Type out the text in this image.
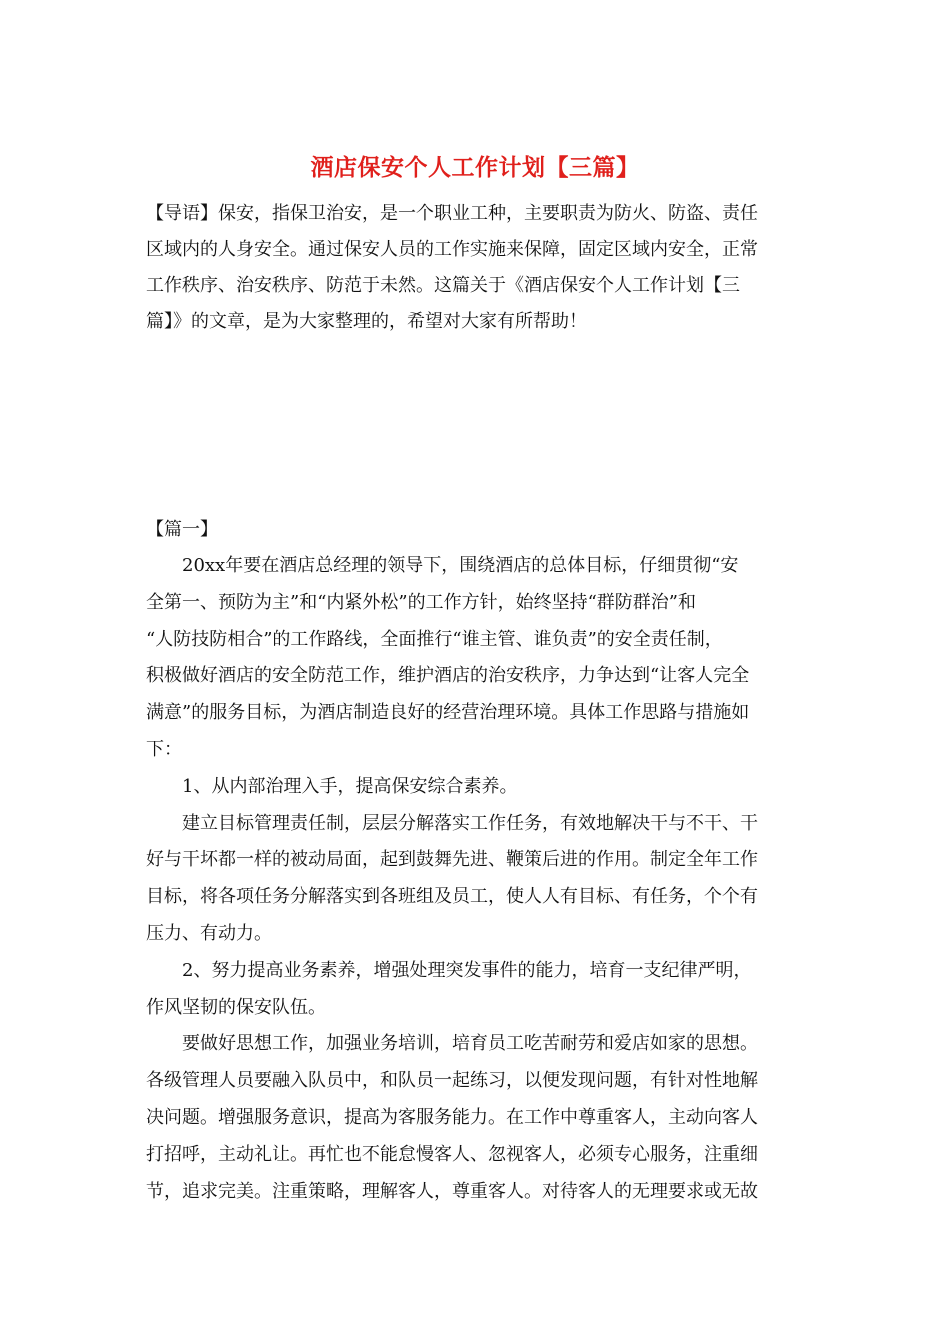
酒店保安个人工作计划【三篇】
【导语】保安，指保卫治安，是一个职业工种，主要职责为防火、防盗、责任
区域内的人身安全。通过保安人员的工作实施来保障，固定区域内安全，正常
工作秩序、治安秩序、防范于未然。这篇关于《酒店保安个人工作计划【三
篇】》的文章，是为大家整理的，希望对大家有所帮助！
【篇一】

20xx年要在酒店总经理的领导下，围绕酒店的总体目标，仔细贯彻“安
全第一、预防为主”和“内紧外松”的工作方针，始终坚持“群防群治”和
“人防技防相合”的工作路线，全面推行“谁主管、谁负责”的安全责任制，
积极做好酒店的安全防范工作，维护酒店的治安秩序，力争达到“让客人完全
满意”的服务目标，为酒店制造良好的经营治理环境。具体工作思路与措施如
下：

1、从内部治理入手，提高保安综合素养。

建立目标管理责任制，层层分解落实工作任务，有效地解决干与不干、干
好与干坏都一样的被动局面，起到鼓舞先进、鞭策后进的作用。制定全年工作
目标，将各项任务分解落实到各班组及员工，使人人有目标、有任务，个个有
压力、有动力。

2、努力提高业务素养，增强处理突发事件的能力，培育一支纪律严明，
作风坚韧的保安队伍。

要做好思想工作，加强业务培训，培育员工吃苦耐劳和爱店如家的思想。
各级管理人员要融入队员中，和队员一起练习，以便发现问题，有针对性地解
决问题。增强服务意识，提高为客服务能力。在工作中尊重客人，主动向客人
打招呼，主动礼让。再忙也不能怠慢客人、忽视客人，必须专心服务，注重细
节，追求完美。注重策略，理解客人，尊重客人。对待客人的无理要求或无故
